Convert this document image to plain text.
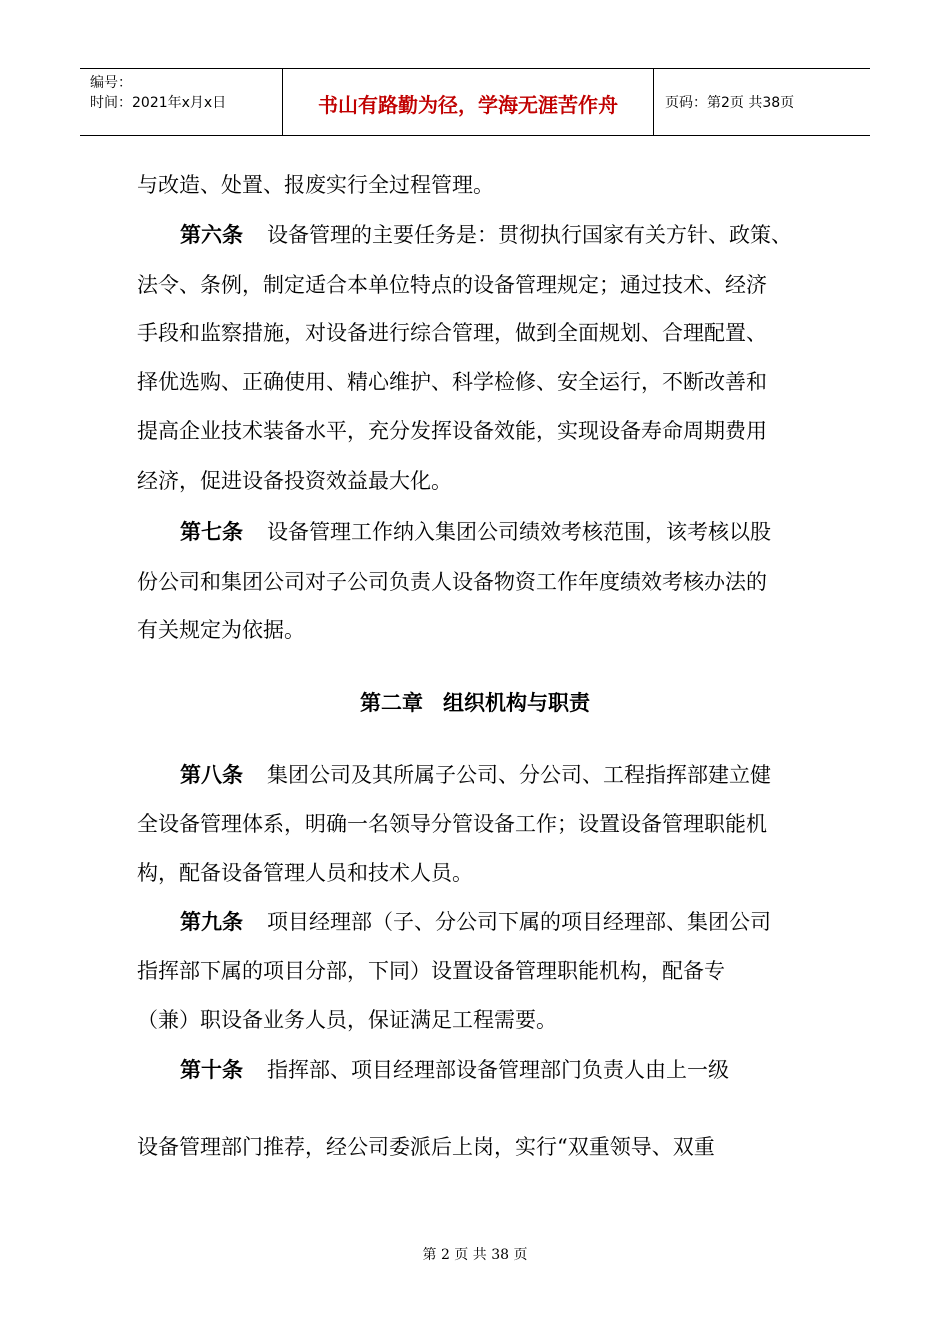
编号：
时间：2021年x月x日	书山有路勤为径，学海无涯苦作舟	页码：第2页 共38页
与改造、处置、报废实行全过程管理。
第六条 设备管理的主要任务是：贯彻执行国家有关方针、政策、
法令、条例，制定适合本单位特点的设备管理规定；通过技术、经济
手段和监察措施，对设备进行综合管理，做到全面规划、合理配置、
择优选购、正确使用、精心维护、科学检修、安全运行，不断改善和
提高企业技术装备水平，充分发挥设备效能，实现设备寿命周期费用
经济，促进设备投资效益最大化。
第七条 设备管理工作纳入集团公司绩效考核范围，该考核以股
份公司和集团公司对子公司负责人设备物资工作年度绩效考核办法的
有关规定为依据。
第二章 组织机构与职责
第八条 集团公司及其所属子公司、分公司、工程指挥部建立健
全设备管理体系，明确一名领导分管设备工作；设置设备管理职能机
构，配备设备管理人员和技术人员。
第九条 项目经理部（子、分公司下属的项目经理部、集团公司
指挥部下属的项目分部，下同）设置设备管理职能机构，配备专
（兼）职设备业务人员，保证满足工程需要。
第十条 指挥部、项目经理部设备管理部门负责人由上一级
设备管理部门推荐，经公司委派后上岗，实行“双重领导、双重
第 2 页 共 38 页
